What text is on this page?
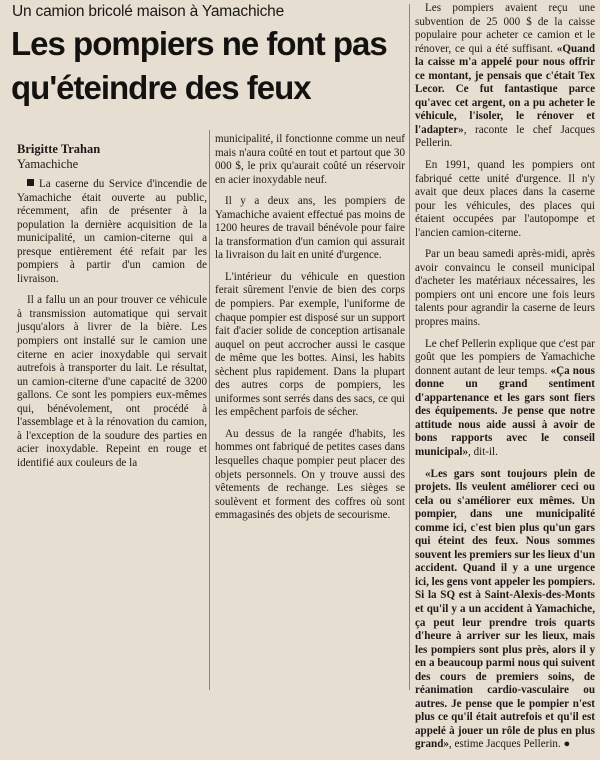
Un camion bricolé maison à Yamachiche
Les pompiers ne font pas qu'éteindre des feux
Brigitte Trahan
Yamachiche

La caserne du Service d'incendie de Yamachiche était ouverte au public, récemment, afin de présenter à la population la dernière acquisition de la municipalité, un camion-citerne qui a presque entièrement été refait par les pompiers à partir d'un camion de livraison.

Il a fallu un an pour trouver ce véhicule à transmission automatique qui servait jusqu'alors à livrer de la bière. Les pompiers ont installé sur le camion une citerne en acier inoxydable qui servait autrefois à transporter du lait. Le résultat, un camion-citerne d'une capacité de 3200 gallons. Ce sont les pompiers eux-mêmes qui, bénévolement, ont procédé à l'assemblage et à la rénovation du camion, à l'exception de la soudure des parties en acier inoxydable. Repeint en rouge et identifié aux couleurs de la

municipalité, il fonctionne comme un neuf mais n'aura coûté en tout et partout que 30 000 $, le prix qu'aurait coûté un réservoir en acier inoxydable neuf.

Il y a deux ans, les pompiers de Yamachiche avaient effectué pas moins de 1200 heures de travail bénévole pour faire la transformation d'un camion qui assurait la livraison du lait en unité d'urgence.

L'intérieur du véhicule en question ferait sûrement l'envie de bien des corps de pompiers. Par exemple, l'uniforme de chaque pompier est disposé sur un support fait d'acier solide de conception artisanale auquel on peut accrocher aussi le casque de même que les bottes. Ainsi, les habits sèchent plus rapidement. Dans la plupart des autres corps de pompiers, les uniformes sont serrés dans des sacs, ce qui les empêchent parfois de sécher.

Au dessus de la rangée d'habits, les hommes ont fabriqué de petites cases dans lesquelles chaque pompier peut placer des objets personnels. On y trouve aussi des vêtements de rechange. Les sièges se soulèvent et forment des coffres où sont emmagasinés des objets de secourisme.

Les pompiers avaient reçu une subvention de 25 000 $ de la caisse populaire pour acheter ce camion et le rénover, ce qui a été suffisant. «Quand la caisse m'a appelé pour nous offrir ce montant, je pensais que c'était Tex Lecor. Ce fut fantastique parce qu'avec cet argent, on a pu acheter le véhicule, l'isoler, le rénover et l'adapter», raconte le chef Jacques Pellerin.

En 1991, quand les pompiers ont fabriqué cette unité d'urgence. Il n'y avait que deux places dans la caserne pour les véhicules, des places qui étaient occupées par l'autopompe et l'ancien camion-citerne.

Par un beau samedi après-midi, après avoir convaincu le conseil municipal d'acheter les matériaux nécessaires, les pompiers ont uni encore une fois leurs talents pour agrandir la caserne de leurs propres mains.

Le chef Pellerin explique que c'est par goût que les pompiers de Yamachiche donnent autant de leur temps. «Ça nous donne un grand sentiment d'appartenance et les gars sont fiers des équipements. Je pense que notre attitude nous aide aussi à avoir de bons rapports avec le conseil municipal», dit-il.

«Les gars sont toujours plein de projets. Ils veulent améliorer ceci ou cela ou s'améliorer eux mêmes. Un pompier, dans une municipalité comme ici, c'est bien plus qu'un gars qui éteint des feux. Nous sommes souvent les premiers sur les lieux d'un accident. Quand il y a une urgence ici, les gens vont appeler les pompiers. Si la SQ est à Saint-Alexis-des-Monts et qu'il y a un accident à Yamachiche, ça peut leur prendre trois quarts d'heure à arriver sur les lieux, mais les pompiers sont plus près, alors il y en a beaucoup parmi nous qui suivent des cours de premiers soins, de réanimation cardio-vasculaire ou autres. Je pense que le pompier n'est plus ce qu'il était autrefois et qu'il est appelé à jouer un rôle de plus en plus grand», estime Jacques Pellerin. ●
